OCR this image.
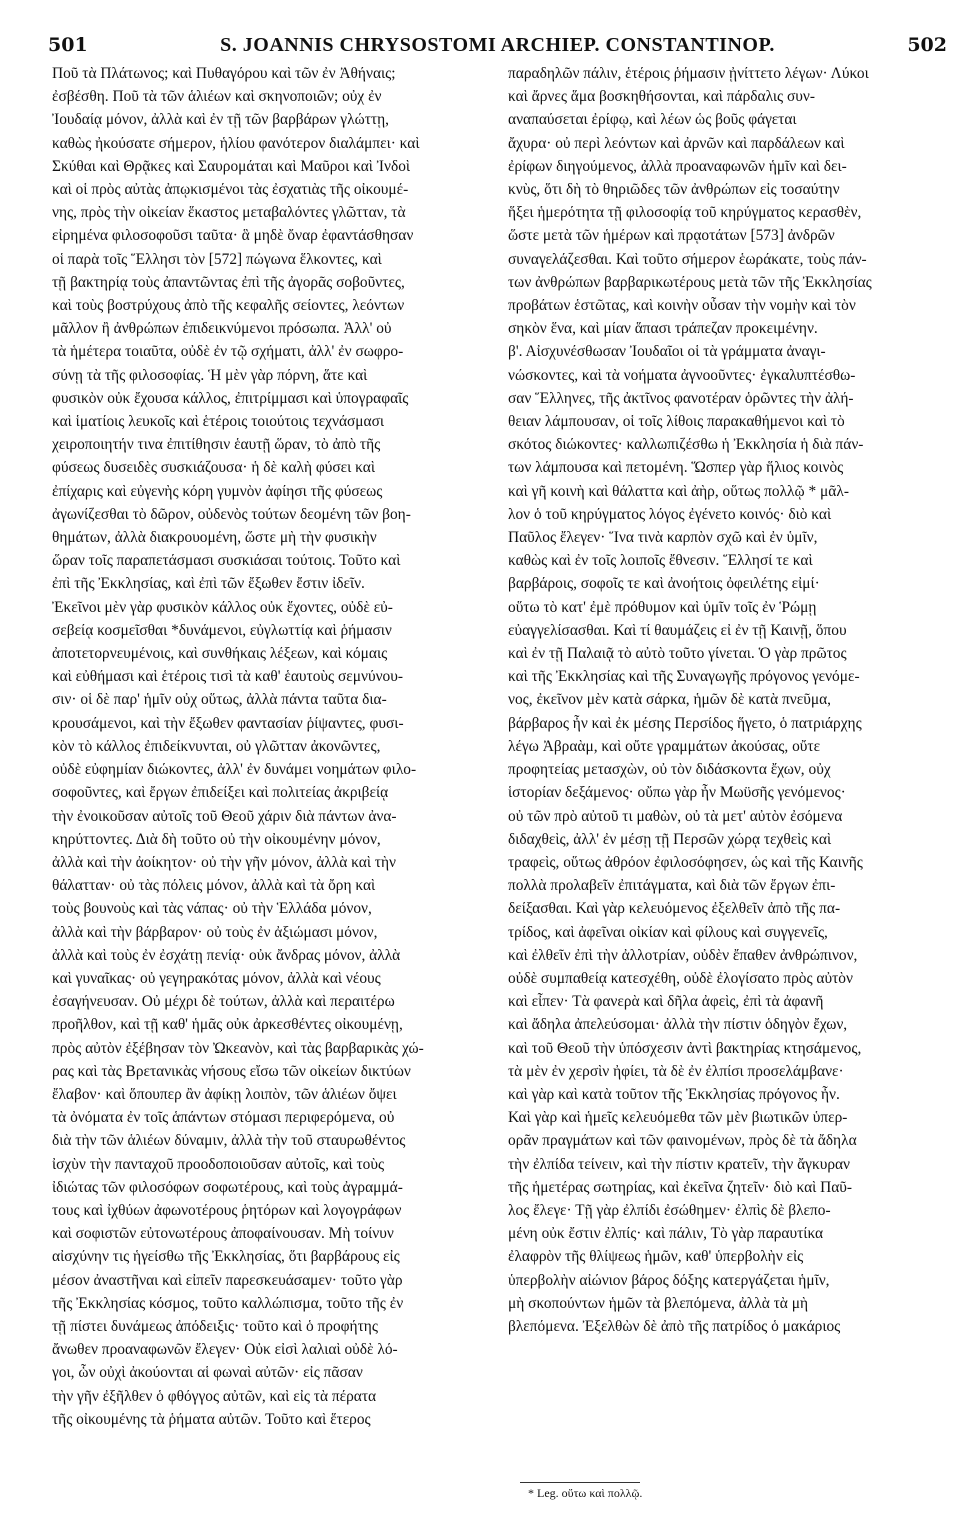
501	S. JOANNIS CHRYSOSTOMI ARCHIEP. CONSTANTINOP.	502
Ποῦ τὰ Πλάτωνος; καὶ Πυθαγόρου καὶ τῶν ἐν Ἀθήναις;
ἐσβέσθη. Ποῦ τὰ τῶν ἁλιέων καὶ σκηνοποιῶν; οὐχ ἐν
Ἰουδαίᾳ μόνον, ἀλλὰ καὶ ἐν τῇ τῶν βαρβάρων γλώττῃ,
καθὼς ἠκούσατε σήμερον, ἡλίου φανότερον διαλάμπει· καὶ
Σκύθαι καὶ Θρᾷκες καὶ Σαυρομάται καὶ Μαῦροι καὶ Ἰνδοὶ
καὶ οἱ πρὸς αὐτὰς ἀπῳκισμένοι τὰς ἐσχατιὰς τῆς οἰκουμέ-
νης, πρὸς τὴν οἰκείαν ἕκαστος μεταβαλόντες γλῶτταν, τὰ
εἰρημένα φιλοσοφοῦσι ταῦτα· ἃ μηδὲ ὄναρ ἐφαντάσθησαν
οἱ παρὰ τοῖς Ἕλλησι τὸν [572] πώγωνα ἕλκοντες, καὶ
τῇ βακτηρίᾳ τοὺς ἀπαντῶντας ἐπὶ τῆς ἀγορᾶς σοβοῦντες,
καὶ τοὺς βοστρύχους ἀπὸ τῆς κεφαλῆς σείοντες, λεόντων
μᾶλλον ἢ ἀνθρώπων ἐπιδεικνύμενοι πρόσωπα. Ἀλλ' οὐ
τὰ ἡμέτερα τοιαῦτα, οὐδὲ ἐν τῷ σχήματι, ἀλλ' ἐν σωφρο-
σύνῃ τὰ τῆς φιλοσοφίας. Ἡ μὲν γὰρ πόρνη, ἅτε καὶ
φυσικὸν οὐκ ἔχουσα κάλλος, ἐπιτρίμμασι καὶ ὑπογραφαῖς
καὶ ἱματίοις λευκοῖς καὶ ἑτέροις τοιούτοις τεχνάσμασι
χειροποιητήν τινα ἐπιτίθησιν ἑαυτῇ ὥραν, τὸ ἀπὸ τῆς
φύσεως δυσειδὲς συσκιάζουσα· ἡ δὲ καλὴ φύσει καὶ
ἐπίχαρις καὶ εὐγενὴς κόρη γυμνὸν ἀφίησι τῆς φύσεως
ἀγωνίζεσθαι τὸ δῶρον, οὐδενὸς τούτων δεομένη τῶν βοη-
θημάτων, ἀλλὰ διακρουομένη, ὥστε μὴ τὴν φυσικὴν
ὥραν τοῖς παραπετάσμασι συσκιάσαι τούτοις. Τοῦτο καὶ
ἐπὶ τῆς Ἐκκλησίας, καὶ ἐπὶ τῶν ἔξωθεν ἔστιν ἰδεῖν.
Ἐκεῖνοι μὲν γὰρ φυσικὸν κάλλος οὐκ ἔχοντες, οὐδὲ εὐ-
σεβείᾳ κοσμεῖσθαι *δυνάμενοι, εὐγλωττίᾳ καὶ ῥήμασιν
ἀποτετορνευμένοις, καὶ συνθήκαις λέξεων, καὶ κόμαις
καὶ εὐθήμασι καὶ ἑτέροις τισὶ τὰ καθ' ἑαυτοὺς σεμνύνου-
σιν· οἱ δὲ παρ' ἡμῖν οὐχ οὕτως, ἀλλὰ πάντα ταῦτα δια-
κρουσάμενοι, καὶ τὴν ἔξωθεν φαντασίαν ῥίψαντες, φυσι-
κὸν τὸ κάλλος ἐπιδείκνυνται, οὐ γλῶτταν ἀκονῶντες,
οὐδὲ εὐφημίαν διώκοντες, ἀλλ' ἐν δυνάμει νοημάτων φιλο-
σοφοῦντες, καὶ ἔργων ἐπιδείξει καὶ πολιτείας ἀκριβείᾳ
τὴν ἐνοικοῦσαν αὐτοῖς τοῦ Θεοῦ χάριν διὰ πάντων ἀνα-
κηρύττοντες. Διὰ δὴ τοῦτο οὐ τὴν οἰκουμένην μόνον,
ἀλλὰ καὶ τὴν ἀοίκητον· οὐ τὴν γῆν μόνον, ἀλλὰ καὶ τὴν
θάλατταν· οὐ τὰς πόλεις μόνον, ἀλλὰ καὶ τὰ ὄρη καὶ
τοὺς βουνοὺς καὶ τὰς νάπας· οὐ τὴν Ἑλλάδα μόνον,
ἀλλὰ καὶ τὴν βάρβαρον· οὐ τοὺς ἐν ἀξιώμασι μόνον,
ἀλλὰ καὶ τοὺς ἐν ἐσχάτῃ πενίᾳ· οὐκ ἄνδρας μόνον, ἀλλὰ
καὶ γυναῖκας· οὐ γεγηρακότας μόνον, ἀλλὰ καὶ νέους
ἐσαγήνευσαν. Οὐ μέχρι δὲ τούτων, ἀλλὰ καὶ περαιτέρω
προῆλθον, καὶ τῇ καθ' ἡμᾶς οὐκ ἀρκεσθέντες οἰκουμένῃ,
πρὸς αὐτὸν ἐξέβησαν τὸν Ὠκεανὸν, καὶ τὰς βαρβαρικὰς χώ-
ρας καὶ τὰς Βρετανικὰς νήσους εἴσω τῶν οἰκείων δικτύων
ἔλαβον· καὶ ὅπουπερ ἂν ἀφίκῃ λοιπὸν, τῶν ἁλιέων ὄψει
τὰ ὀνόματα ἐν τοῖς ἁπάντων στόμασι περιφερόμενα, οὐ
διὰ τὴν τῶν ἁλιέων δύναμιν, ἀλλὰ τὴν τοῦ σταυρωθέντος
ἰσχὺν τὴν πανταχοῦ προοδοποιοῦσαν αὐτοῖς, καὶ τοὺς
ἰδιώτας τῶν φιλοσόφων σοφωτέρους, καὶ τοὺς ἀγραμμά-
τους καὶ ἰχθύων ἀφωνοτέρους ῥητόρων καὶ λογογράφων
καὶ σοφιστῶν εὐτονωτέρους ἀποφαίνουσαν. Μὴ τοίνυν
αἰσχύνην τις ἡγείσθω τῆς Ἐκκλησίας, ὅτι βαρβάρους εἰς
μέσον ἀναστῆναι καὶ εἰπεῖν παρεσκευάσαμεν· τοῦτο γὰρ
τῆς Ἐκκλησίας κόσμος, τοῦτο καλλώπισμα, τοῦτο τῆς ἐν
τῇ πίστει δυνάμεως ἀπόδειξις· τοῦτο καὶ ὁ προφήτης
ἄνωθεν προαναφωνῶν ἔλεγεν· Οὐκ εἰσὶ λαλιαὶ οὐδὲ λό-
γοι, ὧν οὐχὶ ἀκούονται αἱ φωναὶ αὐτῶν· εἰς πᾶσαν
τὴν γῆν ἐξῆλθεν ὁ φθόγγος αὐτῶν, καὶ εἰς τὰ πέρατα
τῆς οἰκουμένης τὰ ῥήματα αὐτῶν. Τοῦτο καὶ ἕτερος
παραδηλῶν πάλιν, ἑτέροις ῥήμασιν ᾐνίττετο λέγων· Λύκοι
καὶ ἄρνες ἅμα βοσκηθήσονται, καὶ πάρδαλις συν-
αναπαύσεται ἐρίφῳ, καὶ λέων ὡς βοῦς φάγεται
ἄχυρα· οὐ περὶ λεόντων καὶ ἀρνῶν καὶ παρδάλεων καὶ
ἐρίφων διηγούμενος, ἀλλὰ προαναφωνῶν ἡμῖν καὶ δει-
κνὺς, ὅτι δὴ τὸ θηριῶδες τῶν ἀνθρώπων εἰς τοσαύτην
ἥξει ἡμερότητα τῇ φιλοσοφίᾳ τοῦ κηρύγματος κερασθὲν,
ὥστε μετὰ τῶν ἡμέρων καὶ πρᾳοτάτων [573] ἀνδρῶν
συναγελάζεσθαι. Καὶ τοῦτο σήμερον ἑωράκατε, τοὺς πάν-
των ἀνθρώπων βαρβαρικωτέρους μετὰ τῶν τῆς Ἐκκλησίας
προβάτων ἑστῶτας, καὶ κοινὴν οὖσαν τὴν νομὴν καὶ τὸν
σηκὸν ἕνα, καὶ μίαν ἅπασι τράπεζαν προκειμένην.
β'. Αἰσχυνέσθωσαν Ἰουδαῖοι οἱ τὰ γράμματα ἀναγι-
νώσκοντες, καὶ τὰ νοήματα ἀγνοοῦντες· ἐγκαλυπτέσθω-
σαν Ἕλληνες, τῆς ἀκτῖνος φανοτέραν ὁρῶντες τὴν ἀλή-
θειαν λάμπουσαν, οἱ τοῖς λίθοις παρακαθήμενοι καὶ τὸ
σκότος διώκοντες· καλλωπιζέσθω ἡ Ἐκκλησία ἡ διὰ πάν-
των λάμπουσα καὶ πετομένη. Ὥσπερ γὰρ ἥλιος κοινὸς
καὶ γῆ κοινὴ καὶ θάλαττα καὶ ἀὴρ, οὕτως πολλῷ * μᾶλ-
λον ὁ τοῦ κηρύγματος λόγος ἐγένετο κοινός· διὸ καὶ
Παῦλος ἔλεγεν· Ἵνα τινὰ καρπὸν σχῶ καὶ ἐν ὑμῖν,
καθὼς καὶ ἐν τοῖς λοιποῖς ἔθνεσιν. Ἕλλησί τε καὶ
βαρβάροις, σοφοῖς τε καὶ ἀνοήτοις ὀφειλέτης εἰμί·
οὕτω τὸ κατ' ἐμὲ πρόθυμον καὶ ὑμῖν τοῖς ἐν Ῥώμῃ
εὐαγγελίσασθαι. Καὶ τί θαυμάζεις εἰ ἐν τῇ Καινῇ, ὅπου
καὶ ἐν τῇ Παλαιᾷ τὸ αὐτὸ τοῦτο γίνεται. Ὁ γὰρ πρῶτος
καὶ τῆς Ἐκκλησίας καὶ τῆς Συναγωγῆς πρόγονος γενόμε-
νος, ἐκεῖνον μὲν κατὰ σάρκα, ἡμῶν δὲ κατὰ πνεῦμα,
βάρβαρος ἦν καὶ ἐκ μέσης Περσίδος ἥγετο, ὁ πατριάρχης
λέγω Ἀβραὰμ, καὶ οὔτε γραμμάτων ἀκούσας, οὔτε
προφητείας μετασχὼν, οὐ τὸν διδάσκοντα ἔχων, οὐχ
ἱστορίαν δεξάμενος· οὔπω γὰρ ἦν Μωϋσῆς γενόμενος·
οὐ τῶν πρὸ αὐτοῦ τι μαθὼν, οὐ τὰ μετ' αὐτὸν ἐσόμενα
διδαχθεὶς, ἀλλ' ἐν μέσῃ τῇ Περσῶν χώρᾳ τεχθεὶς καὶ
τραφεὶς, οὕτως ἀθρόον ἐφιλοσόφησεν, ὡς καὶ τῆς Καινῆς
πολλὰ προλαβεῖν ἐπιτάγματα, καὶ διὰ τῶν ἔργων ἐπι-
δείξασθαι. Καὶ γὰρ κελευόμενος ἐξελθεῖν ἀπὸ τῆς πα-
τρίδος, καὶ ἀφεῖναι οἰκίαν καὶ φίλους καὶ συγγενεῖς,
καὶ ἐλθεῖν ἐπὶ τὴν ἀλλοτρίαν, οὐδὲν ἔπαθεν ἀνθρώπινον,
οὐδὲ συμπαθείᾳ κατεσχέθη, οὐδὲ ἐλογίσατο πρὸς αὐτὸν
καὶ εἶπεν· Τὰ φανερὰ καὶ δῆλα ἀφεὶς, ἐπὶ τὰ ἀφανῆ
καὶ ἄδηλα ἀπελεύσομαι· ἀλλὰ τὴν πίστιν ὁδηγὸν ἔχων,
καὶ τοῦ Θεοῦ τὴν ὑπόσχεσιν ἀντὶ βακτηρίας κτησάμενος,
τὰ μὲν ἐν χερσὶν ἠφίει, τὰ δὲ ἐν ἐλπίσι προσελάμβανε·
καὶ γὰρ καὶ κατὰ τοῦτον τῆς Ἐκκλησίας πρόγονος ἦν.
Καὶ γὰρ καὶ ἡμεῖς κελευόμεθα τῶν μὲν βιωτικῶν ὑπερ-
ορᾶν πραγμάτων καὶ τῶν φαινομένων, πρὸς δὲ τὰ ἄδηλα
τὴν ἐλπίδα τείνειν, καὶ τὴν πίστιν κρατεῖν, τὴν ἄγκυραν
τῆς ἡμετέρας σωτηρίας, καὶ ἐκεῖνα ζητεῖν· διὸ καὶ Παῦ-
λος ἔλεγε· Τῇ γὰρ ἐλπίδι ἐσώθημεν· ἐλπὶς δὲ βλεπο-
μένη οὐκ ἔστιν ἐλπίς· καὶ πάλιν, Τὸ γὰρ παραυτίκα
ἐλαφρὸν τῆς θλίψεως ἡμῶν, καθ' ὑπερβολὴν εἰς
ὑπερβολὴν αἰώνιον βάρος δόξης κατεργάζεται ἡμῖν,
μὴ σκοπούντων ἡμῶν τὰ βλεπόμενα, ἀλλὰ τὰ μὴ
βλεπόμενα. Ἐξελθὼν δὲ ἀπὸ τῆς πατρίδος ὁ μακάριος
* Leg. οὕτω καὶ πολλῷ.
